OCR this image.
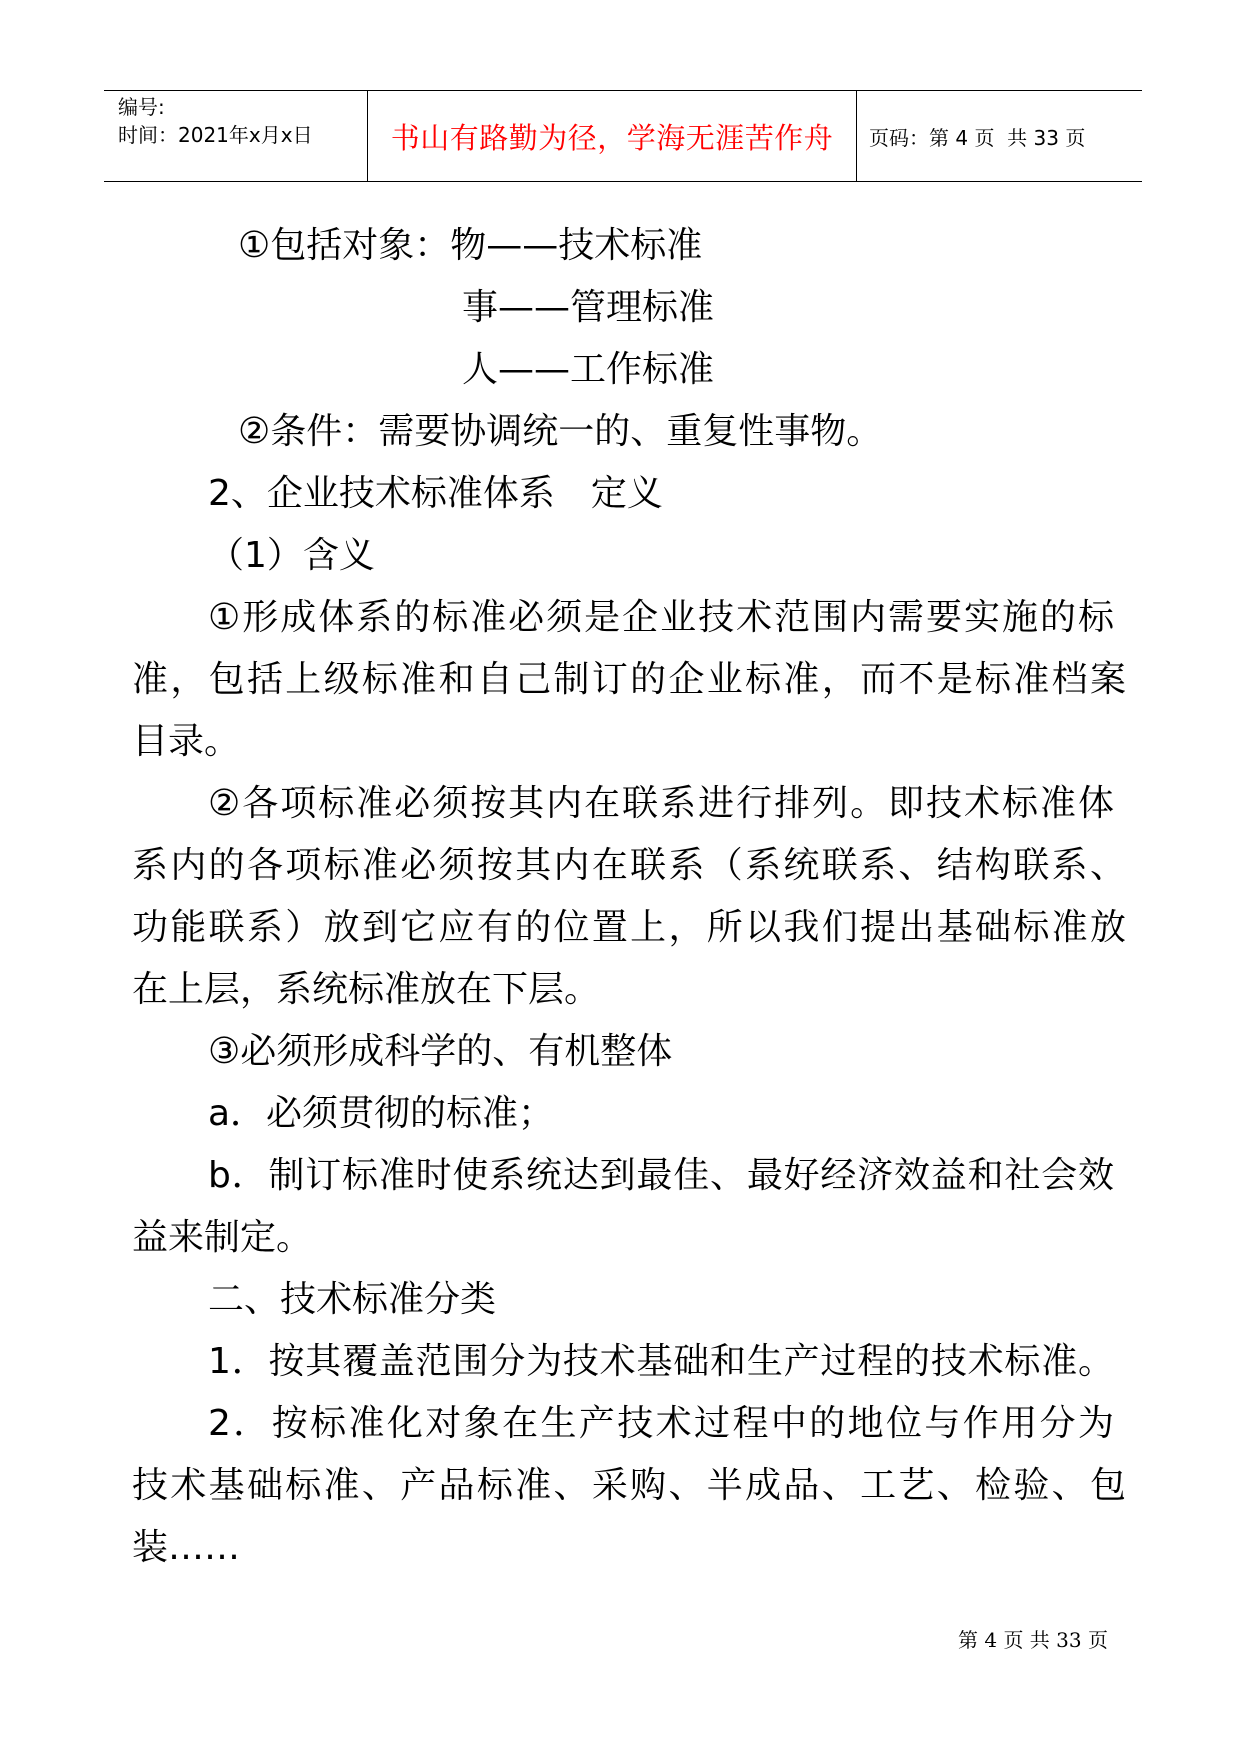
编号:
时间：2021年x月x日	书山有路勤为径，学海无涯苦作舟 页码：第 4 页  共 33 页
①包括对象：物——技术标准
事——管理标准
人——工作标准
②条件：需要协调统一的、重复性事物。
2、企业技术标准体系　定义
（1）含义
①形成体系的标准必须是企业技术范围内需要实施的标
准，包括上级标准和自己制订的企业标准，而不是标准档案
目录。
②各项标准必须按其内在联系进行排列。即技术标准体
系内的各项标准必须按其内在联系（系统联系、结构联系、
功能联系）放到它应有的位置上，所以我们提出基础标准放
在上层，系统标准放在下层。
③必须形成科学的、有机整体
a．必须贯彻的标准；
b．制订标准时使系统达到最佳、最好经济效益和社会效
益来制定。
二、技术标准分类
1．按其覆盖范围分为技术基础和生产过程的技术标准。
2．按标准化对象在生产技术过程中的地位与作用分为
技术基础标准、产品标准、采购、半成品、工艺、检验、包
装……
第 4 页 共 33 页
